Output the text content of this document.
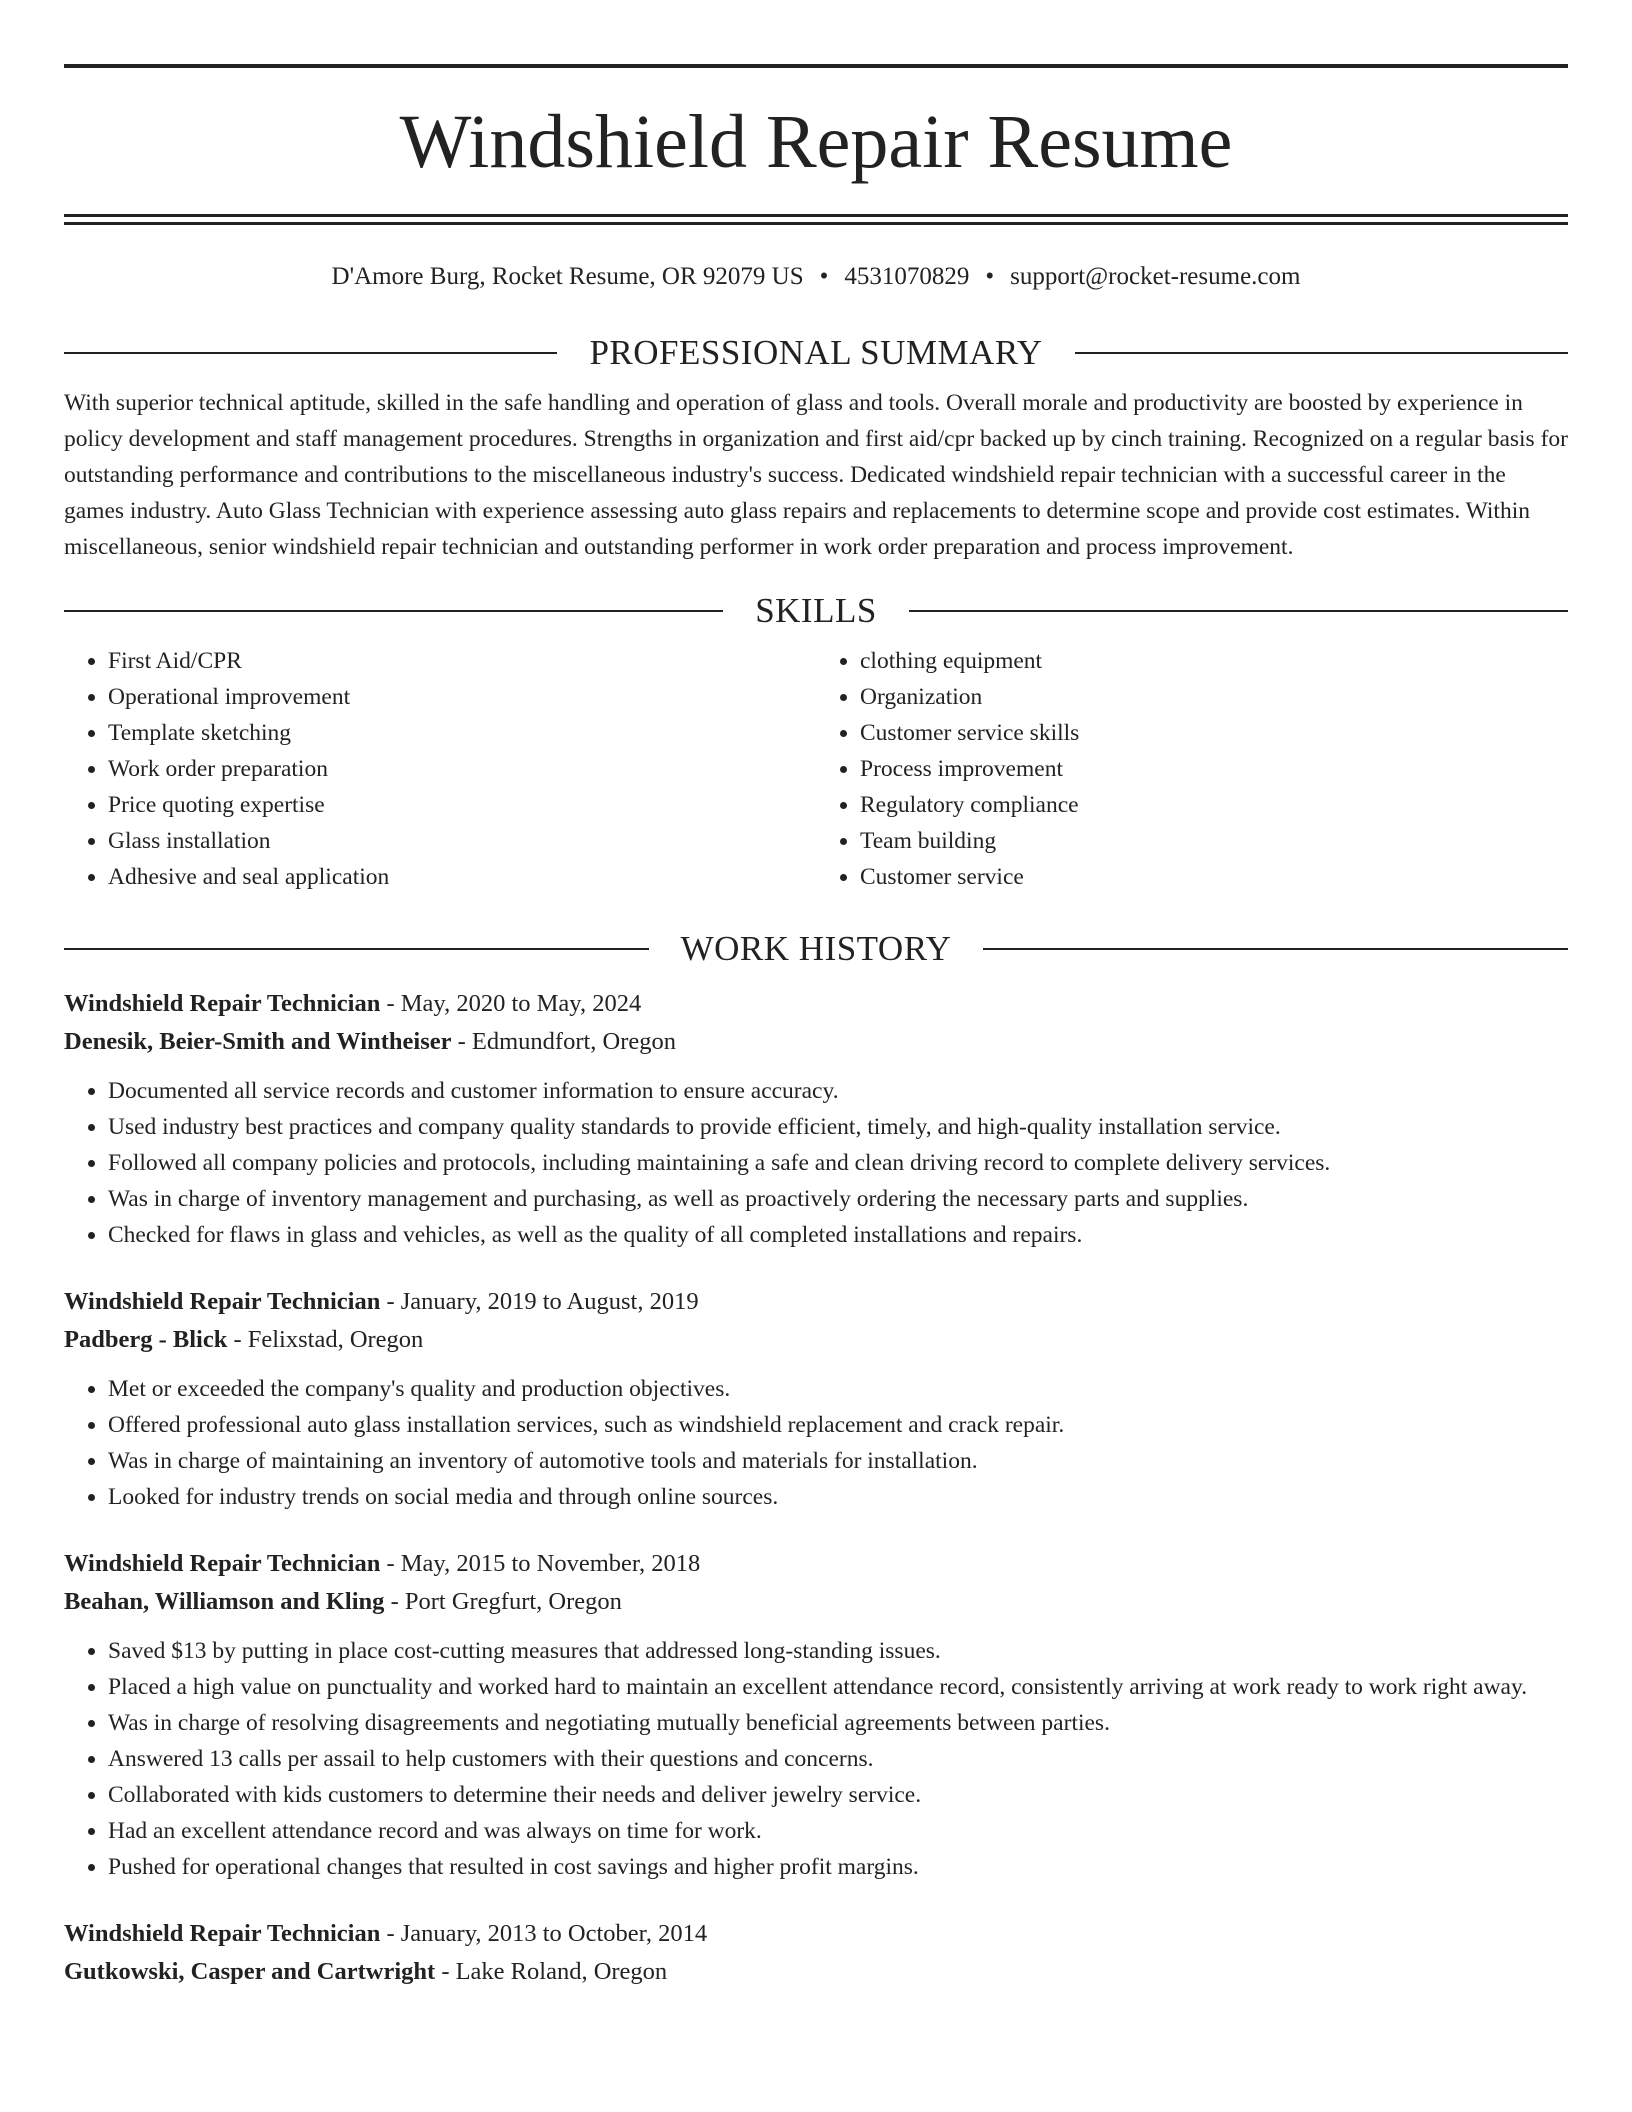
Windshield Repair Resume
D'Amore Burg, Rocket Resume, OR 92079 US • 4531070829 • support@rocket-resume.com
PROFESSIONAL SUMMARY
With superior technical aptitude, skilled in the safe handling and operation of glass and tools. Overall morale and productivity are boosted by experience in policy development and staff management procedures. Strengths in organization and first aid/cpr backed up by cinch training. Recognized on a regular basis for outstanding performance and contributions to the miscellaneous industry's success. Dedicated windshield repair technician with a successful career in the games industry. Auto Glass Technician with experience assessing auto glass repairs and replacements to determine scope and provide cost estimates. Within miscellaneous, senior windshield repair technician and outstanding performer in work order preparation and process improvement.
SKILLS
• First Aid/CPR
• Operational improvement
• Template sketching
• Work order preparation
• Price quoting expertise
• Glass installation
• Adhesive and seal application
• clothing equipment
• Organization
• Customer service skills
• Process improvement
• Regulatory compliance
• Team building
• Customer service
WORK HISTORY
Windshield Repair Technician - May, 2020 to May, 2024
Denesik, Beier-Smith and Wintheiser - Edmundfort, Oregon
• Documented all service records and customer information to ensure accuracy.
• Used industry best practices and company quality standards to provide efficient, timely, and high-quality installation service.
• Followed all company policies and protocols, including maintaining a safe and clean driving record to complete delivery services.
• Was in charge of inventory management and purchasing, as well as proactively ordering the necessary parts and supplies.
• Checked for flaws in glass and vehicles, as well as the quality of all completed installations and repairs.
Windshield Repair Technician - January, 2019 to August, 2019
Padberg - Blick - Felixstad, Oregon
• Met or exceeded the company's quality and production objectives.
• Offered professional auto glass installation services, such as windshield replacement and crack repair.
• Was in charge of maintaining an inventory of automotive tools and materials for installation.
• Looked for industry trends on social media and through online sources.
Windshield Repair Technician - May, 2015 to November, 2018
Beahan, Williamson and Kling - Port Gregfurt, Oregon
• Saved $13 by putting in place cost-cutting measures that addressed long-standing issues.
• Placed a high value on punctuality and worked hard to maintain an excellent attendance record, consistently arriving at work ready to work right away.
• Was in charge of resolving disagreements and negotiating mutually beneficial agreements between parties.
• Answered 13 calls per assail to help customers with their questions and concerns.
• Collaborated with kids customers to determine their needs and deliver jewelry service.
• Had an excellent attendance record and was always on time for work.
• Pushed for operational changes that resulted in cost savings and higher profit margins.
Windshield Repair Technician - January, 2013 to October, 2014
Gutkowski, Casper and Cartwright - Lake Roland, Oregon
